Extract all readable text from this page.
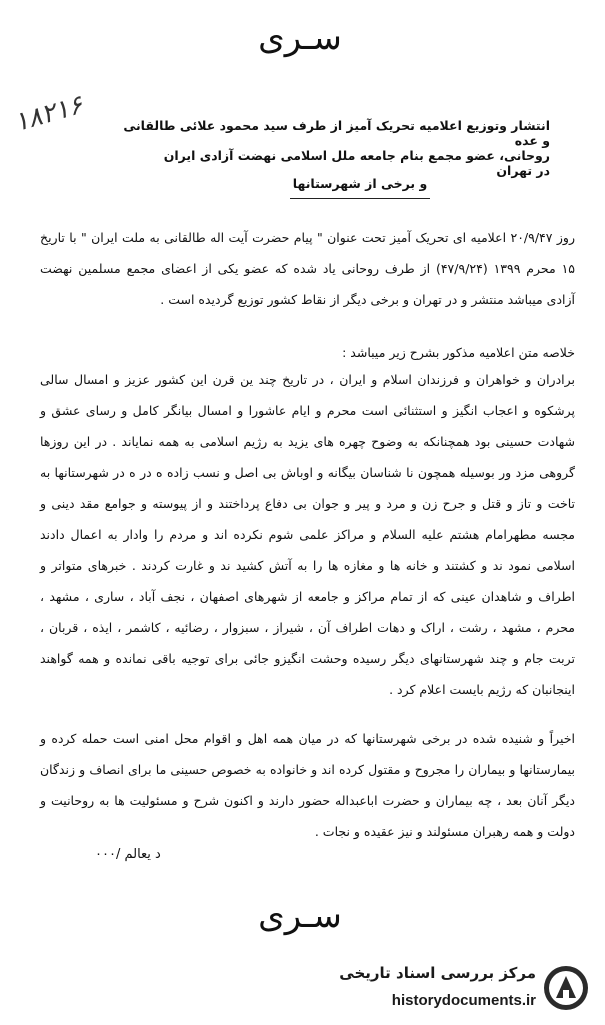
سـری
۱۸۲۱۶	انتشار وتوزیع اعلامیه تحریک آمیز از طرف سید محمود علائی طالقانی و عده
روحانی، عضو مجمع بنام جامعه ملل اسلامی نهضت آزادی ایران در تهران
و برخی از شهرستانها
روز ۲۰/۹/۴۷ اعلامیه ای تحریک آمیز تحت عنوان " پیام حضرت آیت اله طالقانی به ملت ایران " با تاریخ ۱۵ محرم ۱۳۹۹ (۴۷/۹/۲۴) از طرف روحانی یاد شده که عضو یکی از اعضای مجمع مسلمین نهضت آزادی میباشد منتشر و در تهران و برخی دیگر از نقاط کشور توزیع گردیده است .
خلاصه متن اعلامیه مذکور بشرح زیر میباشد :
برادران و خواهران و فرزندان اسلام و ایران ، در تاریخ چند ین قرن این کشور عزیز و امسال سالی پرشکوه و اعجاب انگیز و استثنائی است محرم و ایام عاشورا و امسال بیانگر کامل و رسای عشق و شهادت حسینی بود همچنانکه به وضوح چهره های یزید به رژیم اسلامی به همه نمایاند . در این روزها گروهی مزد ور بوسیله همچون نا شناسان بیگانه و اوباش بی اصل و نسب زاده ه در ه در شهرستانها به تاخت و تاز و قتل و جرح زن و مرد و پیر و جوان بی دفاع پرداختند و از پیوسته و جوامع مقد دینی و مجسه مطهرامام هشتم علیه السلام و مراکز علمی شوم نکرده اند و مردم را وادار به اعمال دادند اسلامی نمود ند و کشتند و خانه ها و مغازه ها را به آتش کشید ند و غارت کردند . خبرهای متواتر و اطراف و شاهدان عینی که از تمام مراکز و جامعه از شهرهای اصفهان ، نجف آباد ، ساری ، مشهد ، محرم ، مشهد ، رشت ، اراک و دهات اطراف آن ، شیراز ، سبزوار ، رضائیه ، کاشمر ، ایذه ، قربان ، تربت جام و چند شهرستانهای دیگر رسیده وحشت انگیزو جائی برای توجیه باقی نمانده و همه گواهند اینجانبان که رژیم بایست اعلام کرد .
اخیراً و شنیده شده در برخی شهرستانها که در میان همه اهل و اقوام محل امنی است حمله کرده و بیمارستانها و بیماران را مجروح و مقتول کرده اند و خانواده به خصوص حسینی ما برای انصاف و زندگان دیگر آنان بعد ، چه بیماران و حضرت اباعبداله حضور دارند و اکنون شرح و مسئولیت ها به روحانیت و دولت و همه رهبران مسئولند و نیز عقیده و نجات .
د یعالم /۰۰۰
سـری
مرکز بررسی اسناد تاریخی
historydocuments.ir
